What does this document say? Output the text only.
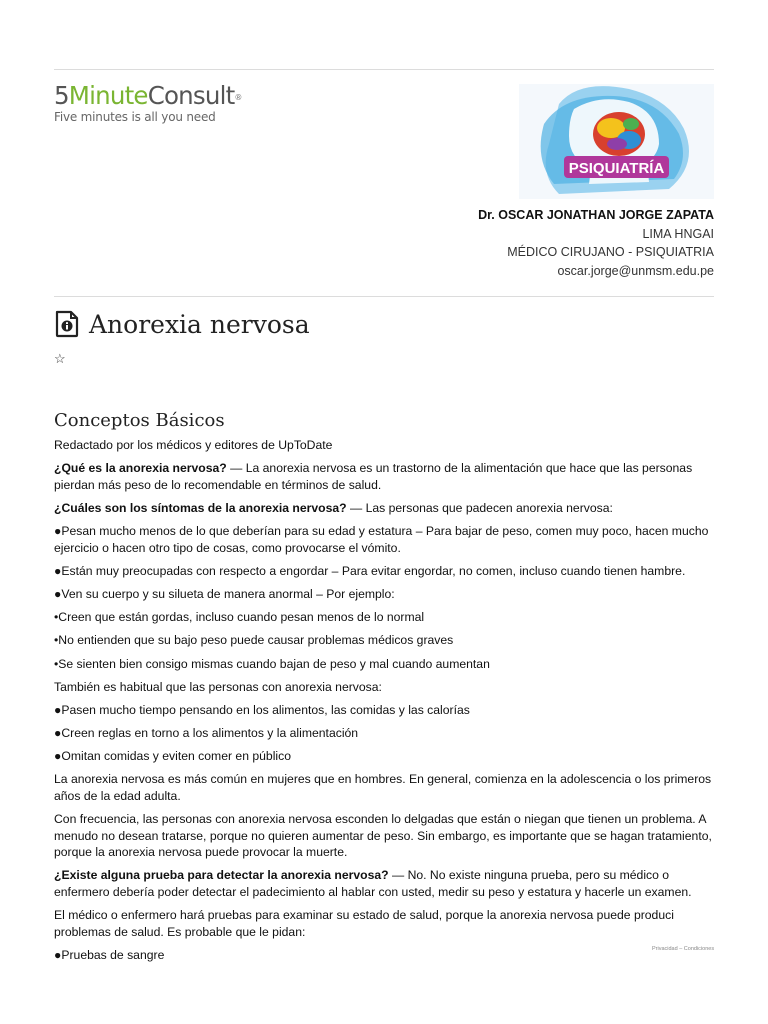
5MinuteConsult®
Five minutes is all you need
PSIQUIATRÍA
Dr. OSCAR JONATHAN JORGE ZAPATA
LIMA HNGAI
MÉDICO CIRUJANO - PSIQUIATRIA
oscar.jorge@unmsm.edu.pe
Anorexia nervosa
☆
Conceptos Básicos

Redactado por los médicos y editores de UpToDate

¿Qué es la anorexia nervosa? — La anorexia nervosa es un trastorno de la alimentación que hace que las personas pierdan más peso de lo recomendable en términos de salud.

¿Cuáles son los síntomas de la anorexia nervosa? — Las personas que padecen anorexia nervosa:

●Pesan mucho menos de lo que deberían para su edad y estatura – Para bajar de peso, comen muy poco, hacen mucho ejercicio o hacen otro tipo de cosas, como provocarse el vómito.

●Están muy preocupadas con respecto a engordar – Para evitar engordar, no comen, incluso cuando tienen hambre.

●Ven su cuerpo y su silueta de manera anormal – Por ejemplo:

•Creen que están gordas, incluso cuando pesan menos de lo normal

•No entienden que su bajo peso puede causar problemas médicos graves

•Se sienten bien consigo mismas cuando bajan de peso y mal cuando aumentan

También es habitual que las personas con anorexia nervosa:

●Pasen mucho tiempo pensando en los alimentos, las comidas y las calorías

●Creen reglas en torno a los alimentos y la alimentación

●Omitan comidas y eviten comer en público

La anorexia nervosa es más común en mujeres que en hombres. En general, comienza en la adolescencia o los primeros años de la edad adulta.

Con frecuencia, las personas con anorexia nervosa esconden lo delgadas que están o niegan que tienen un problema. A menudo no desean tratarse, porque no quieren aumentar de peso. Sin embargo, es importante que se hagan tratamiento, porque la anorexia nervosa puede provocar la muerte.

¿Existe alguna prueba para detectar la anorexia nervosa? — No. No existe ninguna prueba, pero su médico o enfermero debería poder detectar el padecimiento al hablar con usted, medir su peso y estatura y hacerle un examen.

El médico o enfermero hará pruebas para examinar su estado de salud, porque la anorexia nervosa puede produci problemas de salud. Es probable que le pidan:

●Pruebas de sangre	Privacidad – Condiciones
